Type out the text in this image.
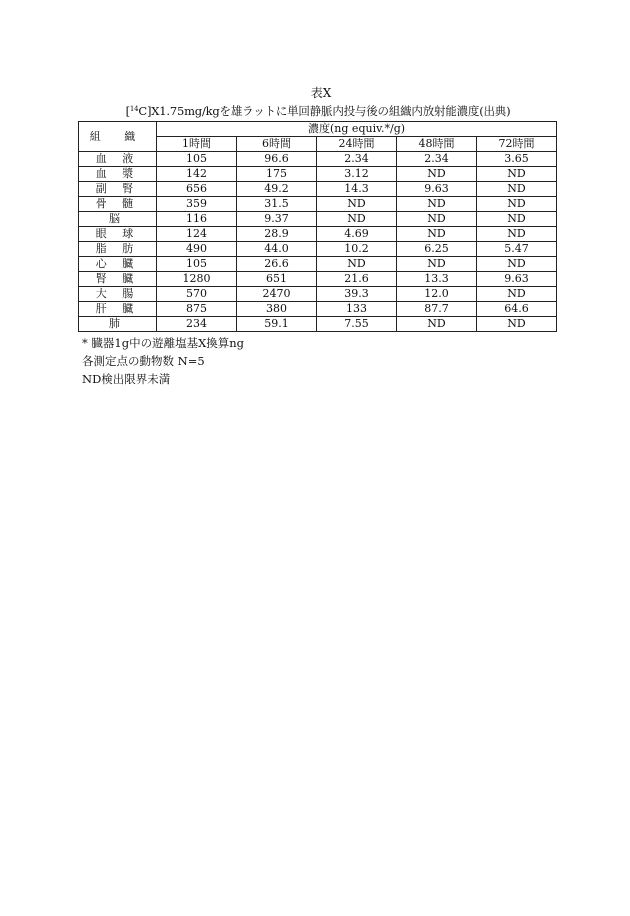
表X
[$^{14}$C]X1.75mg/kgを雄ラットに単回静脈内投与後の組織内放射能濃度(出典)
組 織	濃度(ng equiv.*/g)				
	1時間	6時間	24時間	48時間	72時間
血 液	105	96.6	2.34	2.34	3.65
血 漿	142	175	3.12	ND	ND
副 腎	656	49.2	14.3	9.63	ND
骨 髄	359	31.5	ND	ND	ND
脳	116	9.37	ND	ND	ND
眼 球	124	28.9	4.69	ND	ND
脂 肪	490	44.0	10.2	6.25	5.47
心 臓	105	26.6	ND	ND	ND
腎 臓	1280	651	21.6	13.3	9.63
大 腸	570	2470	39.3	12.0	ND
肝 臓	875	380	133	87.7	64.6
肺	234	59.1	7.55	ND	ND
* 臓器1g中の遊離塩基X換算ng
各測定点の動物数 N=5
ND検出限界未満
